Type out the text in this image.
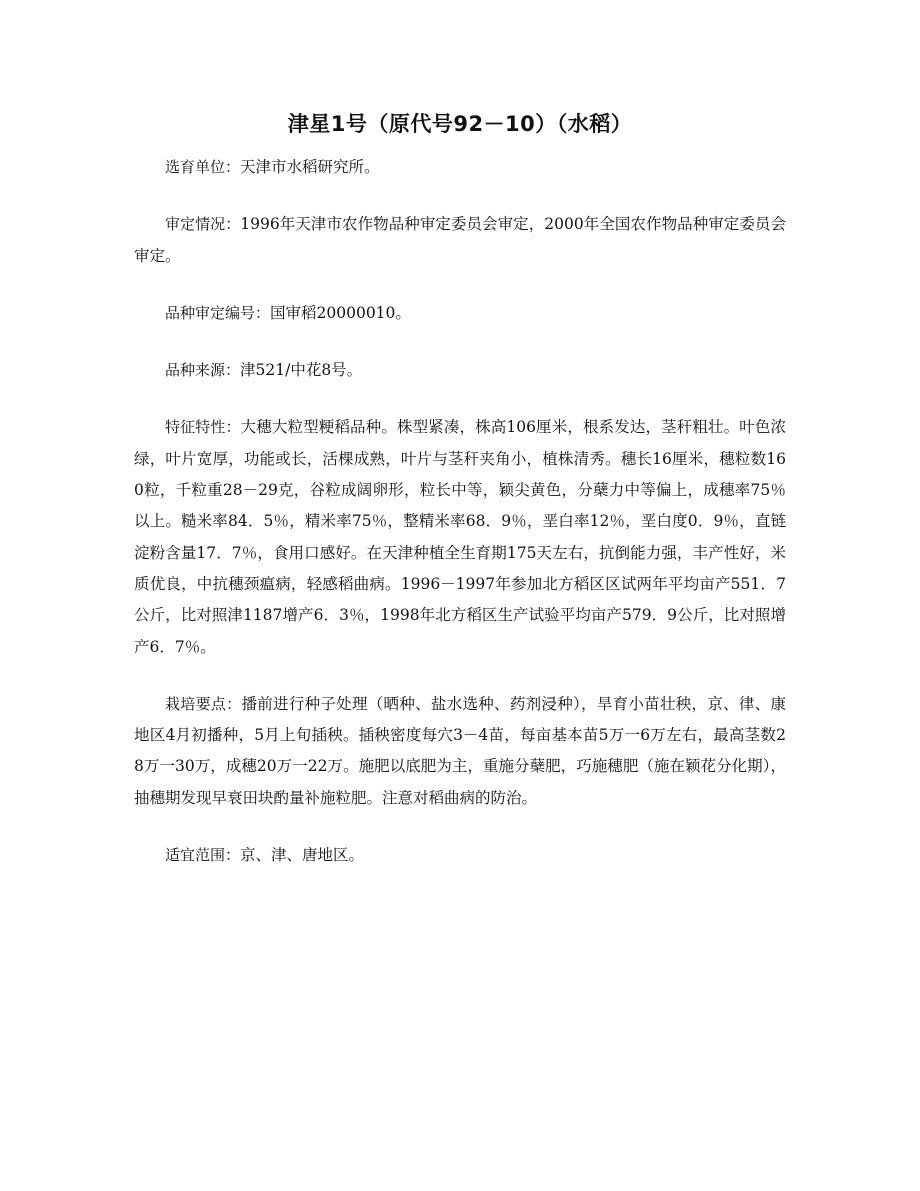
津星1号（原代号92－10）（水稻）

选育单位：天津市水稻研究所。

审定情况：1996年天津市农作物品种审定委员会审定，2000年全国农作物品种审定委员会审定。

品种审定编号：国审稻20000010。

品种来源：津521/中花8号。

特征特性：大穗大粒型粳稻品种。株型紧凑，株高106厘米，根系发达，茎秆粗壮。叶色浓绿，叶片宽厚，功能或长，活棵成熟，叶片与茎秆夹角小，植株清秀。穗长16厘米，穗粒数160粒，千粒重28－29克，谷粒成阔卵形，粒长中等，颖尖黄色，分蘖力中等偏上，成穗率75％以上。糙米率84．5％，精米率75％，整精米率68．9％，垩白率12％，垩白度0．9％，直链淀粉含量17．7％，食用口感好。在天津种植全生育期175天左右，抗倒能力强，丰产性好，米质优良，中抗穗颈瘟病，轻感稻曲病。1996－1997年参加北方稻区区试两年平均亩产551．7公斤，比对照津1187增产6．3％，1998年北方稻区生产试验平均亩产579．9公斤，比对照增产6．7％。

栽培要点：播前进行种子处理（晒种、盐水选种、药剂浸种），旱育小苗壮秧，京、律、康地区4月初播种，5月上旬插秧。插秧密度每穴3－4苗，每亩基本苗5万一6万左右，最高茎数28万一30万，成穗20万一22万。施肥以底肥为主，重施分蘖肥，巧施穗肥（施在颖花分化期），抽穗期发现早衰田块酌量补施粒肥。注意对稻曲病的防治。

适宜范围：京、津、唐地区。
